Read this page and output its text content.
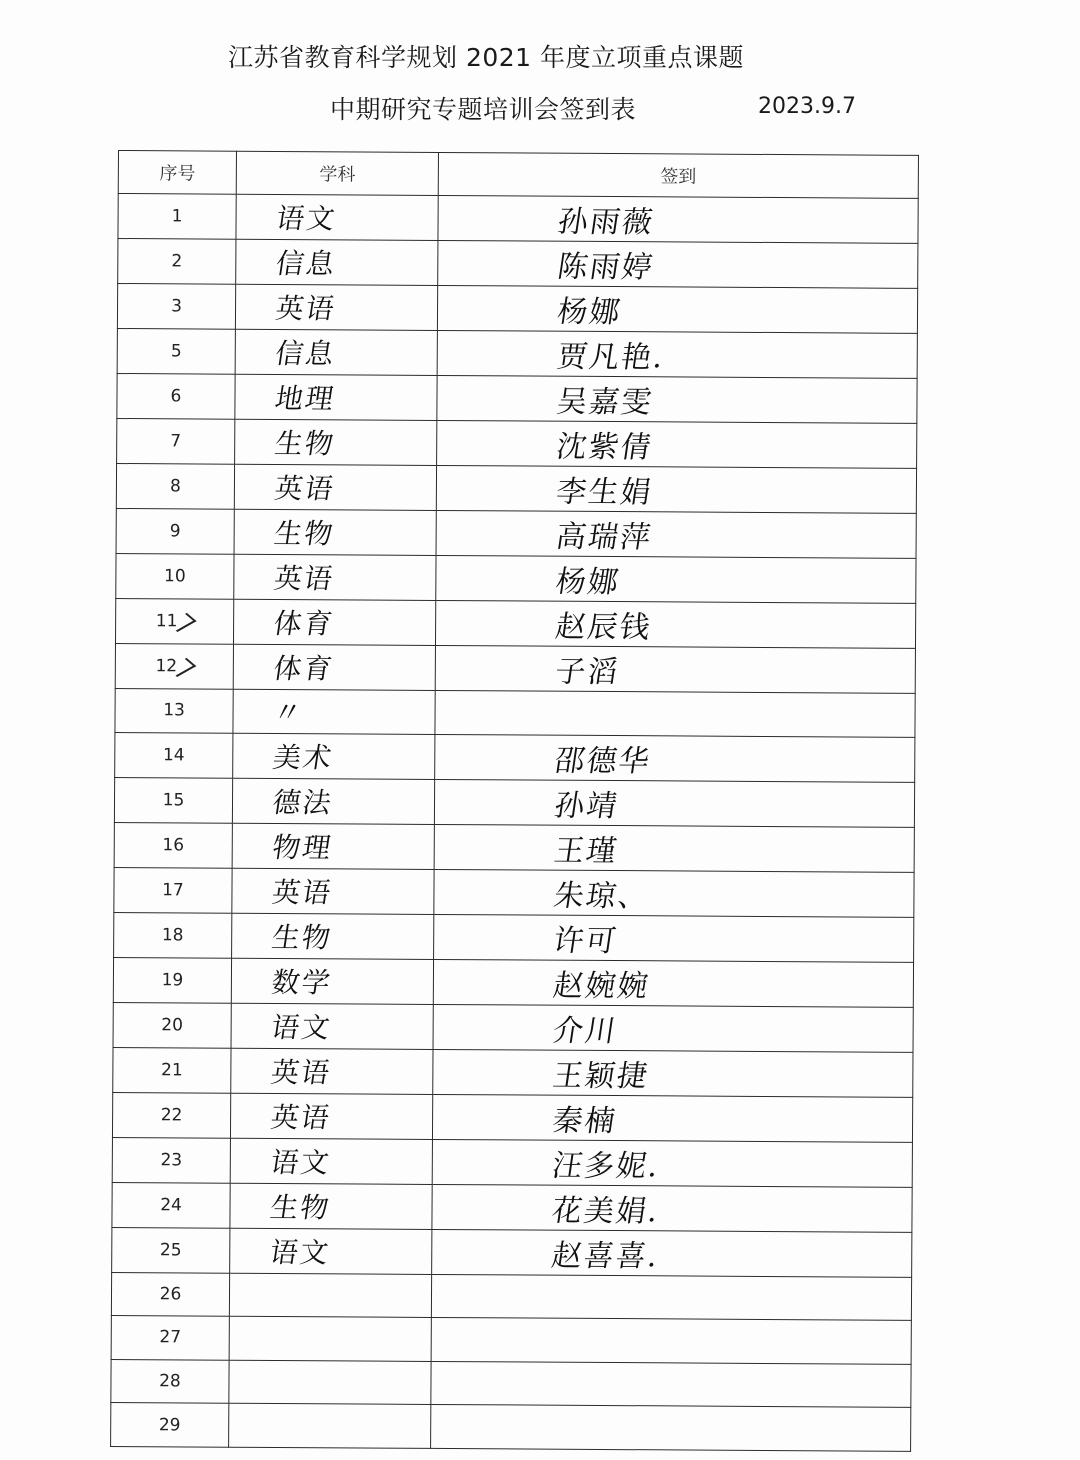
江苏省教育科学规划 2021 年度立项重点课题
中期研究专题培训会签到表	2023.9.7
序号	学科	签到
1	语文	孙雨薇
2	信息	陈雨婷
3	英语	杨娜
5	信息	贾凡艳.
6	地理	吴嘉雯
7	生物	沈紫倩
8	英语	李生娟
9	生物	高瑞萍
10	英语	杨娜
11	体育	赵辰钱
12	体育	子滔
13	〃	
14	美术	邵德华
15	德法	孙靖
16	物理	王瑾
17	英语	朱琼、
18	生物	许可
19	数学	赵婉婉
20	语文	介川
21	英语	王颖捷
22	英语	秦楠
23	语文	汪多妮.
24	生物	花美娟.
25	语文	赵喜喜.
26		
27		
28		
29		
